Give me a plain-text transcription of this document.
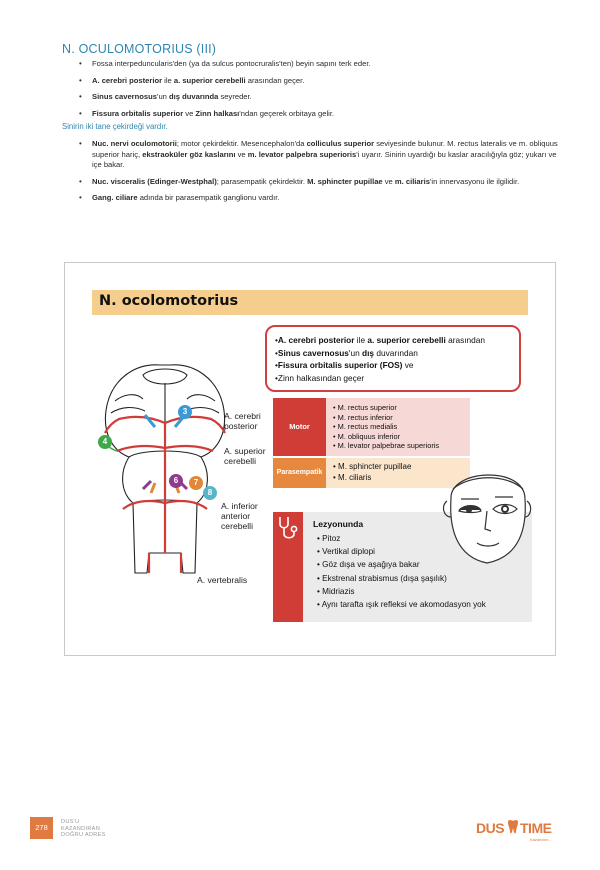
N. OCULOMOTORIUS (III)
• Fossa interpeduncularis'den (ya da sulcus pontocruralis'ten) beyin sapını terk eder.
• A. cerebri posterior ile a. superior cerebelli arasından geçer.
• Sinus cavernosus'un dış duvarında seyreder.
• Fissura orbitalis superior ve Zinn halkası'ndan geçerek orbitaya gelir.
Sinirin iki tane çekirdeği vardır.
• Nuc. nervi oculomotorii; motor çekirdektir. Mesencephalon'da colliculus superior seviyesinde bulunur. M. rectus lateralis ve m. obliquus superior hariç, ekstraoküler göz kaslarını ve m. levator palpebra superioris'i uyarır. Sinirin uyardığı bu kaslar aracılığıyla göz; yukarı ve içe bakar.
• Nuc. visceralis (Edinger-Westphal); parasempatik çekirdektir. M. sphincter pupillae ve m. ciliaris'in innervasyonu ile ilgilidir.
• Gang. ciliare adında bir parasempatik ganglionu vardır.
N. ocolomotorius
• A. cerebri posterior ile a. superior cerebelli arasından
• Sinus cavernosus'un dış duvarından
• Fissura orbitalis superior (FOS) ve
• Zinn halkasından geçer
3
4
6	7
8
A. cerebri posterior
A. superior cerebelli
A. inferior anterior cerebelli
A. vertebralis
Motor
• M. rectus superior
• M. rectus inferior
• M. rectus medialis
• M. obliquus inferior
• M. levator palpebrae superioris
Parasempatik
• M. sphincter pupillae
• M. ciliaris
Lezyonunda
• Pitoz
• Vertikal diplopi
• Göz dışa ve aşağıya bakar
• Ekstrenal strabismus (dışa şaşılık)
• Midriazis
• Aynı tarafta ışık refleksi ve akomodasyon yok
278
DUS'U
KAZANDIRAN
DOĞRU ADRES	DUS TIME
Kazandırır...
